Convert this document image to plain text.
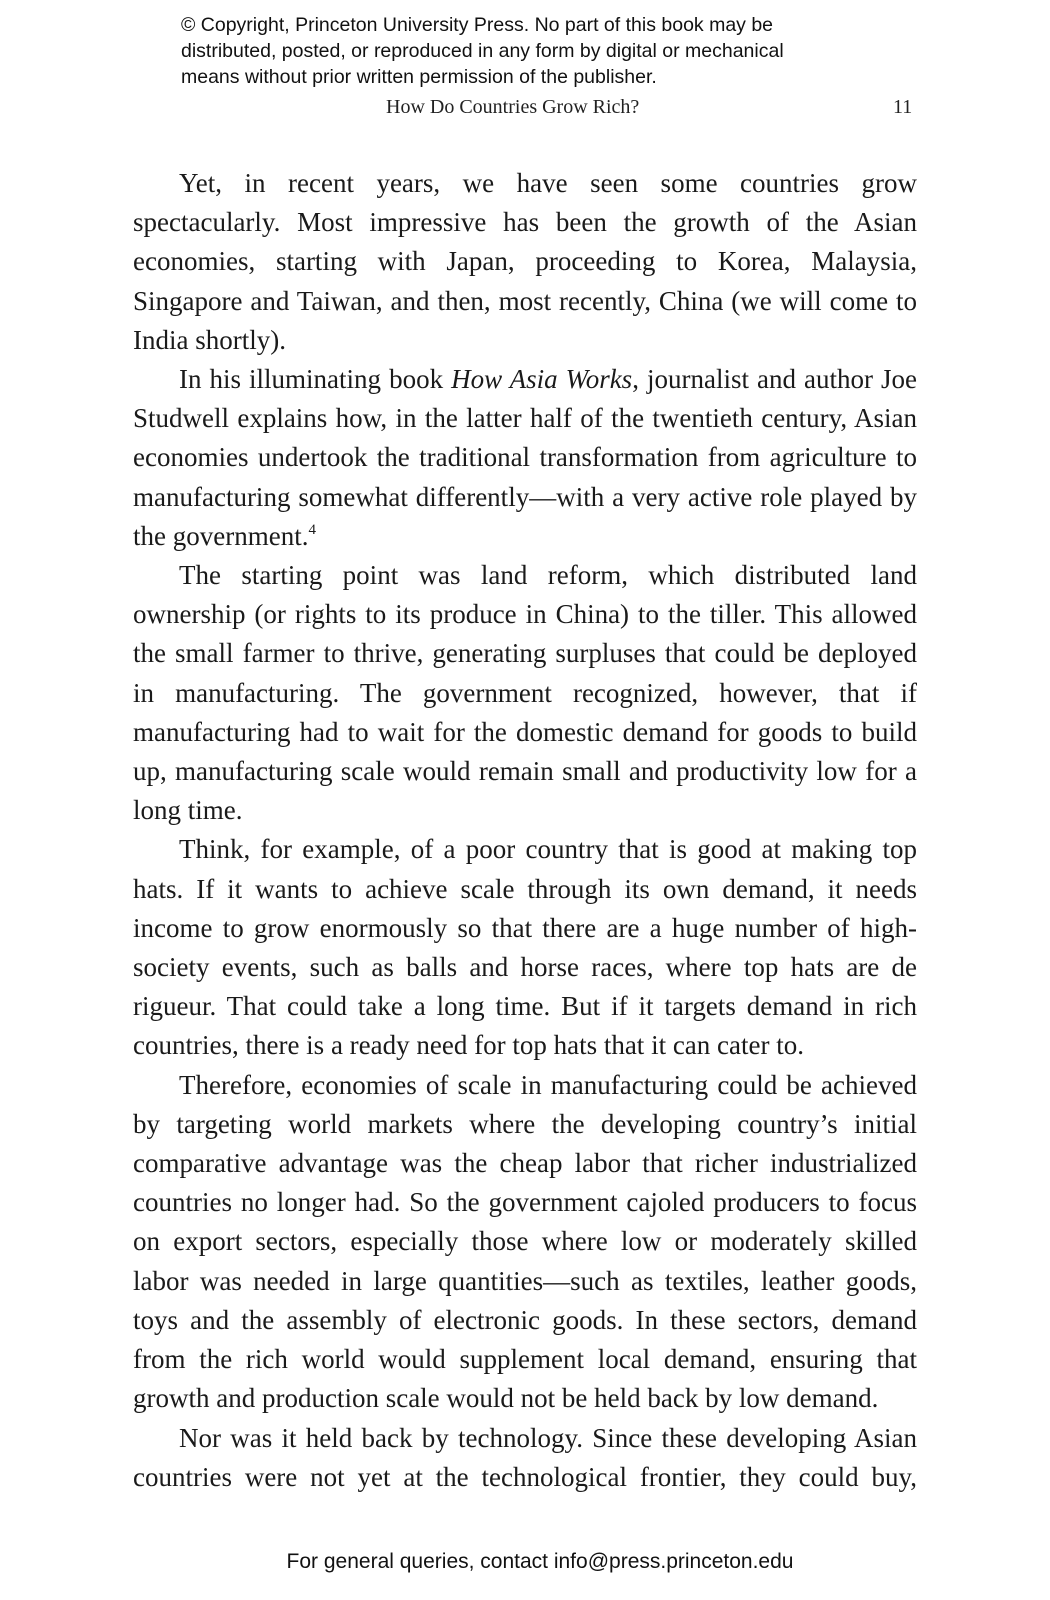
© Copyright, Princeton University Press. No part of this book may be
distributed, posted, or reproduced in any form by digital or mechanical
means without prior written permission of the publisher.
How Do Countries Grow Rich?	11

Yet, in recent years, we have seen some countries grow spectacularly. Most impressive has been the growth of the Asian economies, starting with Japan, proceeding to Korea, Malaysia, Singapore and Taiwan, and then, most recently, China (we will come to India shortly).

In his illuminating book How Asia Works, journalist and author Joe Studwell explains how, in the latter half of the twentieth century, Asian economies undertook the traditional transformation from agriculture to manufacturing somewhat differently—with a very active role played by the government.$^4$

The starting point was land reform, which distributed land ownership (or rights to its produce in China) to the tiller. This allowed the small farmer to thrive, generating surpluses that could be deployed in manufacturing. The government recognized, however, that if manufacturing had to wait for the domestic demand for goods to build up, manufacturing scale would remain small and productivity low for a long time.

Think, for example, of a poor country that is good at making top hats. If it wants to achieve scale through its own demand, it needs income to grow enormously so that there are a huge number of high-society events, such as balls and horse races, where top hats are de rigueur. That could take a long time. But if it targets demand in rich countries, there is a ready need for top hats that it can cater to.

Therefore, economies of scale in manufacturing could be achieved by targeting world markets where the developing country’s initial comparative advantage was the cheap labor that richer industrialized countries no longer had. So the government cajoled producers to focus on export sectors, especially those where low or moderately skilled labor was needed in large quantities—such as textiles, leather goods, toys and the assembly of electronic goods. In these sectors, demand from the rich world would supplement local demand, ensuring that growth and production scale would not be held back by low demand.

Nor was it held back by technology. Since these developing Asian countries were not yet at the technological frontier, they could buy,

For general queries, contact info@press.princeton.edu
